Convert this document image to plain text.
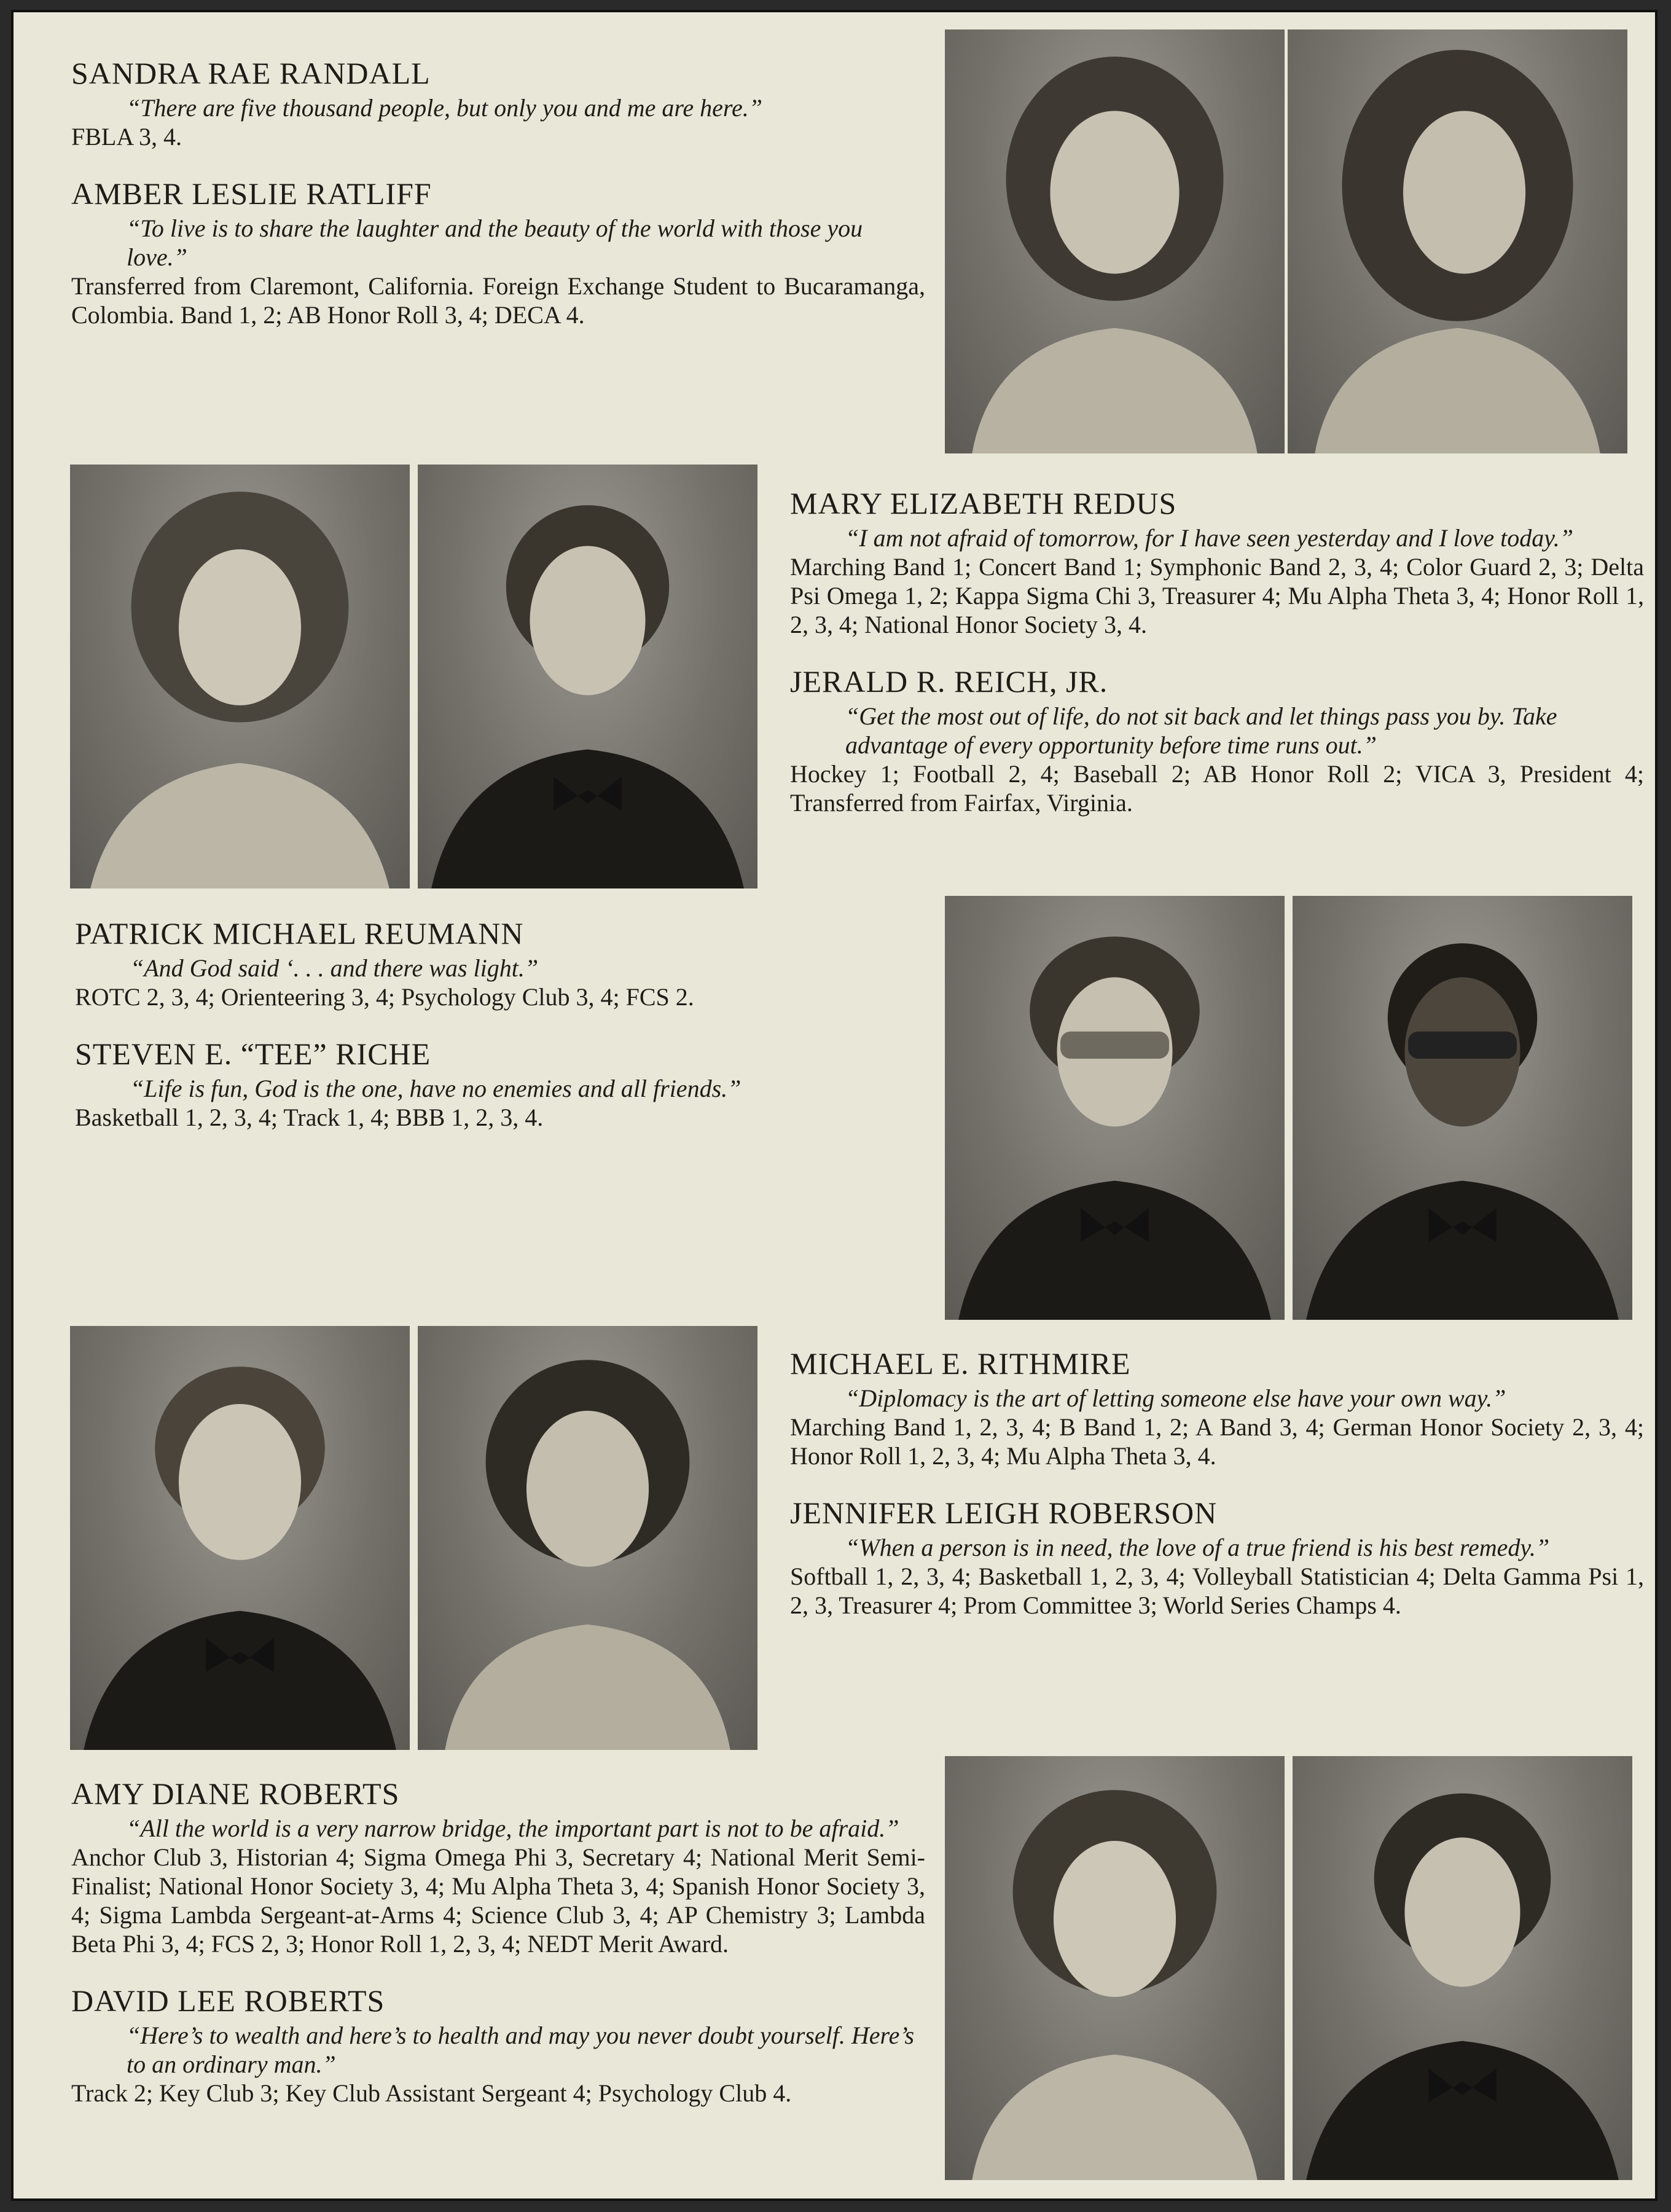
SANDRA RAE RANDALL
“There are five thousand people, but only you and me are here.”
FBLA 3, 4.
AMBER LESLIE RATLIFF
“To live is to share the laughter and the beauty of the world with those you love.”
Transferred from Claremont, California. Foreign Exchange Student to Bucaramanga, Colombia. Band 1, 2; AB Honor Roll 3, 4; DECA 4.
MARY ELIZABETH REDUS
“I am not afraid of tomorrow, for I have seen yesterday and I love today.”
Marching Band 1; Concert Band 1; Symphonic Band 2, 3, 4; Color Guard 2, 3; Delta Psi Omega 1, 2; Kappa Sigma Chi 3, Treasurer 4; Mu Alpha Theta 3, 4; Honor Roll 1, 2, 3, 4; National Honor Society 3, 4.
JERALD R. REICH, JR.
“Get the most out of life, do not sit back and let things pass you by. Take advantage of every opportunity before time runs out.”
Hockey 1; Football 2, 4; Baseball 2; AB Honor Roll 2; VICA 3, President 4; Transferred from Fairfax, Virginia.
PATRICK MICHAEL REUMANN
“And God said ‘. . . and there was light.”
ROTC 2, 3, 4; Orienteering 3, 4; Psychology Club 3, 4; FCS 2.
STEVEN E. “TEE” RICHE
“Life is fun, God is the one, have no enemies and all friends.”
Basketball 1, 2, 3, 4; Track 1, 4; BBB 1, 2, 3, 4.
MICHAEL E. RITHMIRE
“Diplomacy is the art of letting someone else have your own way.”
Marching Band 1, 2, 3, 4; B Band 1, 2; A Band 3, 4; German Honor Society 2, 3, 4; Honor Roll 1, 2, 3, 4; Mu Alpha Theta 3, 4.
JENNIFER LEIGH ROBERSON
“When a person is in need, the love of a true friend is his best remedy.”
Softball 1, 2, 3, 4; Basketball 1, 2, 3, 4; Volleyball Statistician 4; Delta Gamma Psi 1, 2, 3, Treasurer 4; Prom Committee 3; World Series Champs 4.
AMY DIANE ROBERTS
“All the world is a very narrow bridge, the important part is not to be afraid.”
Anchor Club 3, Historian 4; Sigma Omega Phi 3, Secretary 4; National Merit Semi-Finalist; National Honor Society 3, 4; Mu Alpha Theta 3, 4; Spanish Honor Society 3, 4; Sigma Lambda Sergeant-at-Arms 4; Science Club 3, 4; AP Chemistry 3; Lambda Beta Phi 3, 4; FCS 2, 3; Honor Roll 1, 2, 3, 4; NEDT Merit Award.
DAVID LEE ROBERTS
“Here’s to wealth and here’s to health and may you never doubt yourself. Here’s to an ordinary man.”
Track 2; Key Club 3; Key Club Assistant Sergeant 4; Psychology Club 4.
